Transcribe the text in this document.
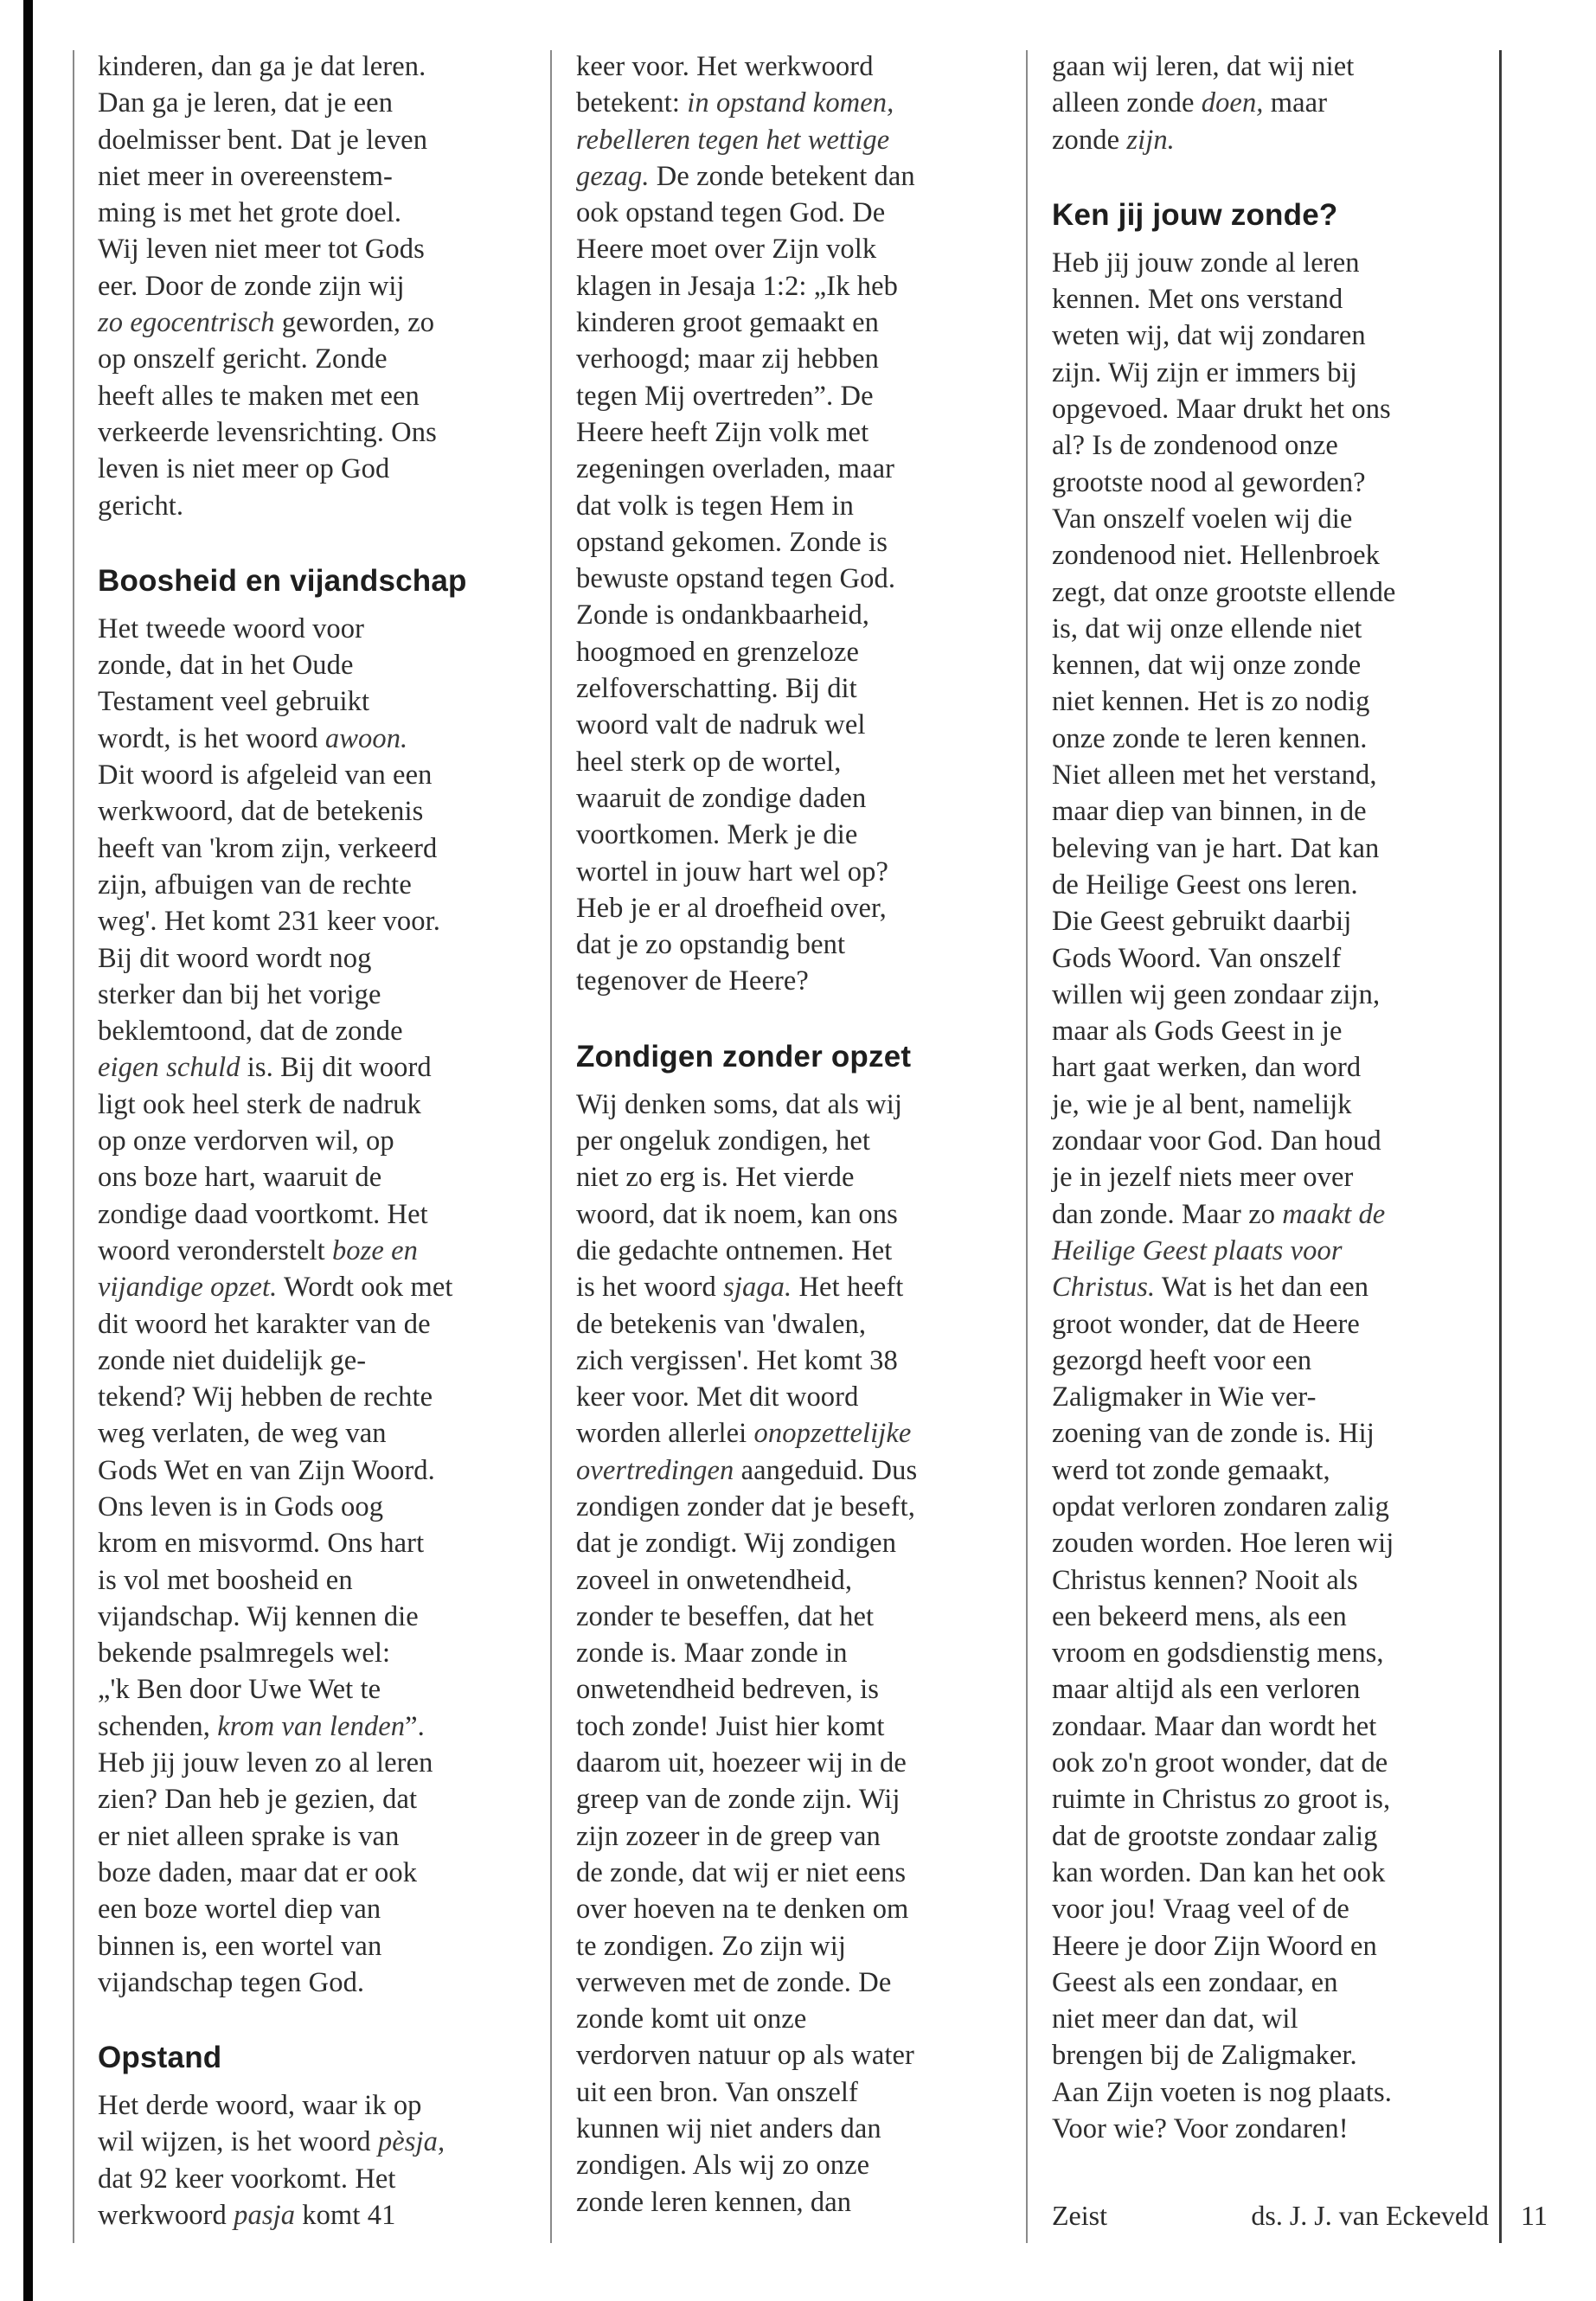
kinderen, dan ga je dat leren.
Dan ga je leren, dat je een
doelmisser bent. Dat je leven
niet meer in overeenstem-
ming is met het grote doel.
Wij leven niet meer tot Gods
eer. Door de zonde zijn wij
zo egocentrisch geworden, zo
op onszelf gericht. Zonde
heeft alles te maken met een
verkeerde levensrichting. Ons
leven is niet meer op God
gericht.

Boosheid en vijandschap

Het tweede woord voor
zonde, dat in het Oude
Testament veel gebruikt
wordt, is het woord awoon.
Dit woord is afgeleid van een
werkwoord, dat de betekenis
heeft van 'krom zijn, verkeerd
zijn, afbuigen van de rechte
weg'. Het komt 231 keer voor.
Bij dit woord wordt nog
sterker dan bij het vorige
beklemtoond, dat de zonde
eigen schuld is. Bij dit woord
ligt ook heel sterk de nadruk
op onze verdorven wil, op
ons boze hart, waaruit de
zondige daad voortkomt. Het
woord veronderstelt boze en
vijandige opzet. Wordt ook met
dit woord het karakter van de
zonde niet duidelijk ge-
tekend? Wij hebben de rechte
weg verlaten, de weg van
Gods Wet en van Zijn Woord.
Ons leven is in Gods oog
krom en misvormd. Ons hart
is vol met boosheid en
vijandschap. Wij kennen die
bekende psalmregels wel:
„'k Ben door Uwe Wet te
schenden, krom van lenden”.
Heb jij jouw leven zo al leren
zien? Dan heb je gezien, dat
er niet alleen sprake is van
boze daden, maar dat er ook
een boze wortel diep van
binnen is, een wortel van
vijandschap tegen God.

Opstand

Het derde woord, waar ik op
wil wijzen, is het woord pèsja,
dat 92 keer voorkomt. Het
werkwoord pasja komt 41

keer voor. Het werkwoord
betekent: in opstand komen,
rebelleren tegen het wettige
gezag. De zonde betekent dan
ook opstand tegen God. De
Heere moet over Zijn volk
klagen in Jesaja 1:2: „Ik heb
kinderen groot gemaakt en
verhoogd; maar zij hebben
tegen Mij overtreden”. De
Heere heeft Zijn volk met
zegeningen overladen, maar
dat volk is tegen Hem in
opstand gekomen. Zonde is
bewuste opstand tegen God.
Zonde is ondankbaarheid,
hoogmoed en grenzeloze
zelfoverschatting. Bij dit
woord valt de nadruk wel
heel sterk op de wortel,
waaruit de zondige daden
voortkomen. Merk je die
wortel in jouw hart wel op?
Heb je er al droefheid over,
dat je zo opstandig bent
tegenover de Heere?

Zondigen zonder opzet

Wij denken soms, dat als wij
per ongeluk zondigen, het
niet zo erg is. Het vierde
woord, dat ik noem, kan ons
die gedachte ontnemen. Het
is het woord sjaga. Het heeft
de betekenis van 'dwalen,
zich vergissen'. Het komt 38
keer voor. Met dit woord
worden allerlei onopzettelijke
overtredingen aangeduid. Dus
zondigen zonder dat je beseft,
dat je zondigt. Wij zondigen
zoveel in onwetendheid,
zonder te beseffen, dat het
zonde is. Maar zonde in
onwetendheid bedreven, is
toch zonde! Juist hier komt
daarom uit, hoezeer wij in de
greep van de zonde zijn. Wij
zijn zozeer in de greep van
de zonde, dat wij er niet eens
over hoeven na te denken om
te zondigen. Zo zijn wij
verweven met de zonde. De
zonde komt uit onze
verdorven natuur op als water
uit een bron. Van onszelf
kunnen wij niet anders dan
zondigen. Als wij zo onze
zonde leren kennen, dan

gaan wij leren, dat wij niet
alleen zonde doen, maar
zonde zijn.

Ken jij jouw zonde?

Heb jij jouw zonde al leren
kennen. Met ons verstand
weten wij, dat wij zondaren
zijn. Wij zijn er immers bij
opgevoed. Maar drukt het ons
al? Is de zondenood onze
grootste nood al geworden?
Van onszelf voelen wij die
zondenood niet. Hellenbroek
zegt, dat onze grootste ellende
is, dat wij onze ellende niet
kennen, dat wij onze zonde
niet kennen. Het is zo nodig
onze zonde te leren kennen.
Niet alleen met het verstand,
maar diep van binnen, in de
beleving van je hart. Dat kan
de Heilige Geest ons leren.
Die Geest gebruikt daarbij
Gods Woord. Van onszelf
willen wij geen zondaar zijn,
maar als Gods Geest in je
hart gaat werken, dan word
je, wie je al bent, namelijk
zondaar voor God. Dan houd
je in jezelf niets meer over
dan zonde. Maar zo maakt de
Heilige Geest plaats voor
Christus. Wat is het dan een
groot wonder, dat de Heere
gezorgd heeft voor een
Zaligmaker in Wie ver-
zoening van de zonde is. Hij
werd tot zonde gemaakt,
opdat verloren zondaren zalig
zouden worden. Hoe leren wij
Christus kennen? Nooit als
een bekeerd mens, als een
vroom en godsdienstig mens,
maar altijd als een verloren
zondaar. Maar dan wordt het
ook zo'n groot wonder, dat de
ruimte in Christus zo groot is,
dat de grootste zondaar zalig
kan worden. Dan kan het ook
voor jou! Vraag veel of de
Heere je door Zijn Woord en
Geest als een zondaar, en
niet meer dan dat, wil
brengen bij de Zaligmaker.
Aan Zijn voeten is nog plaats.
Voor wie? Voor zondaren!

Zeist	ds. J. J. van Eckeveld 11
